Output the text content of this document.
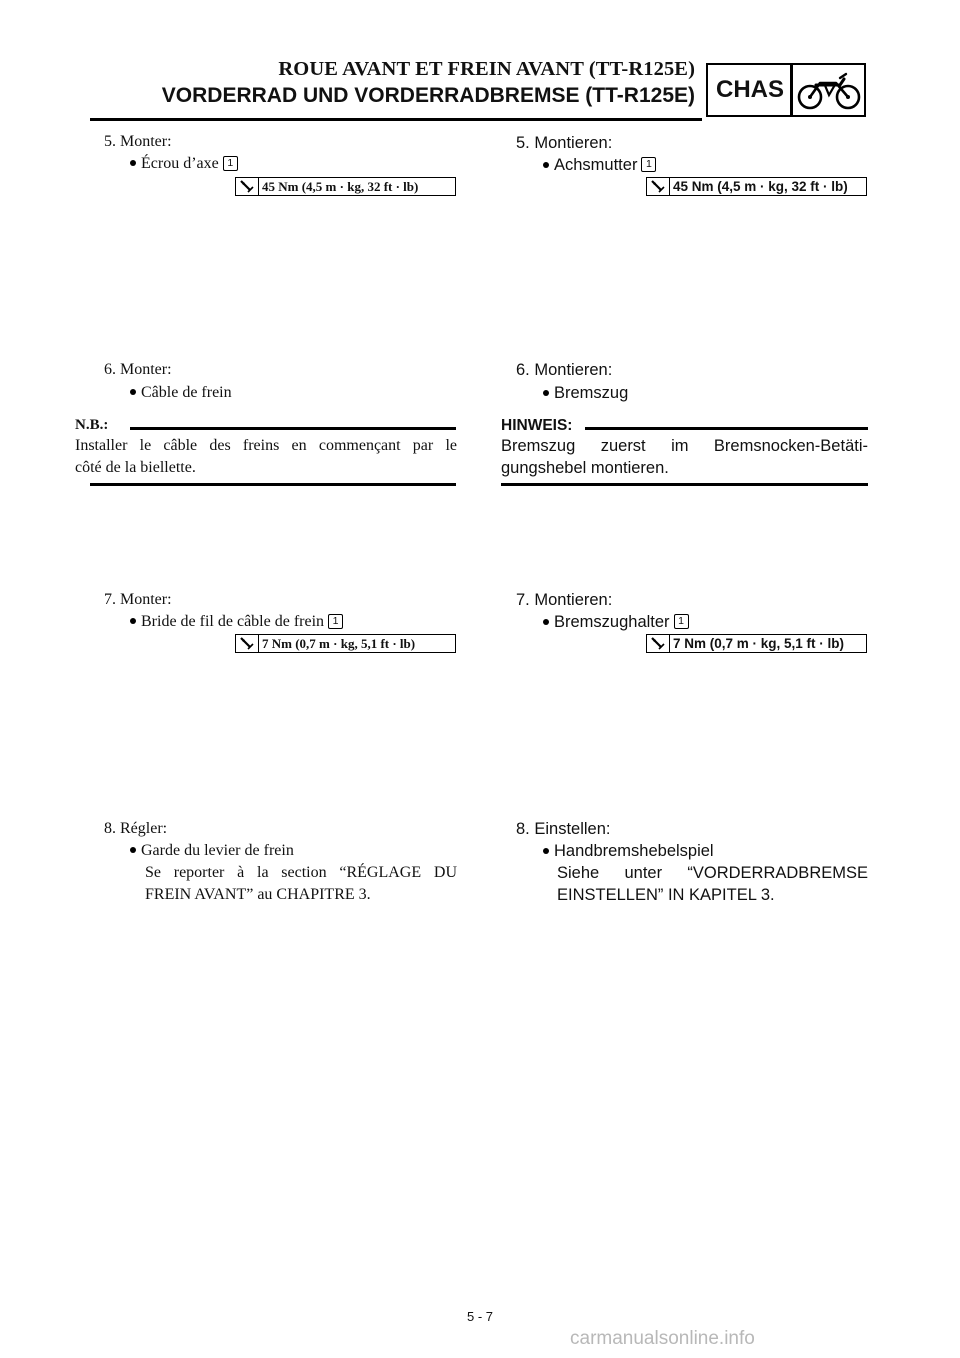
ROUE AVANT ET FREIN AVANT (TT-R125E)
VORDERRAD UND VORDERRADBREMSE (TT-R125E) CHAS
5. Monter:
Écrou d’axe 1
45 Nm (4,5 m · kg, 32 ft · lb)
6. Monter:
Câble de frein
N.B.:
Installer le câble des freins en commençant par le
côté de la biellette.
7. Monter:
Bride de fil de câble de frein 1
7 Nm (0,7 m · kg, 5,1 ft · lb)
8. Régler:
Garde du levier de frein
Se reporter à la section “RÉGLAGE DU
FREIN AVANT” au CHAPITRE 3.
5. Montieren:
Achsmutter 1
45 Nm (4,5 m · kg, 32 ft · lb)
6. Montieren:
Bremszug
HINWEIS:
Bremszug zuerst im Bremsnocken-Betäti-
gungshebel montieren.
7. Montieren:
Bremszughalter 1
7 Nm (0,7 m · kg, 5,1 ft · lb)
8. Einstellen:
Handbremshebelspiel
Siehe unter “VORDERRADBREMSE
EINSTELLEN” IN KAPITEL 3.
5 - 7
carmanualsonline.info
